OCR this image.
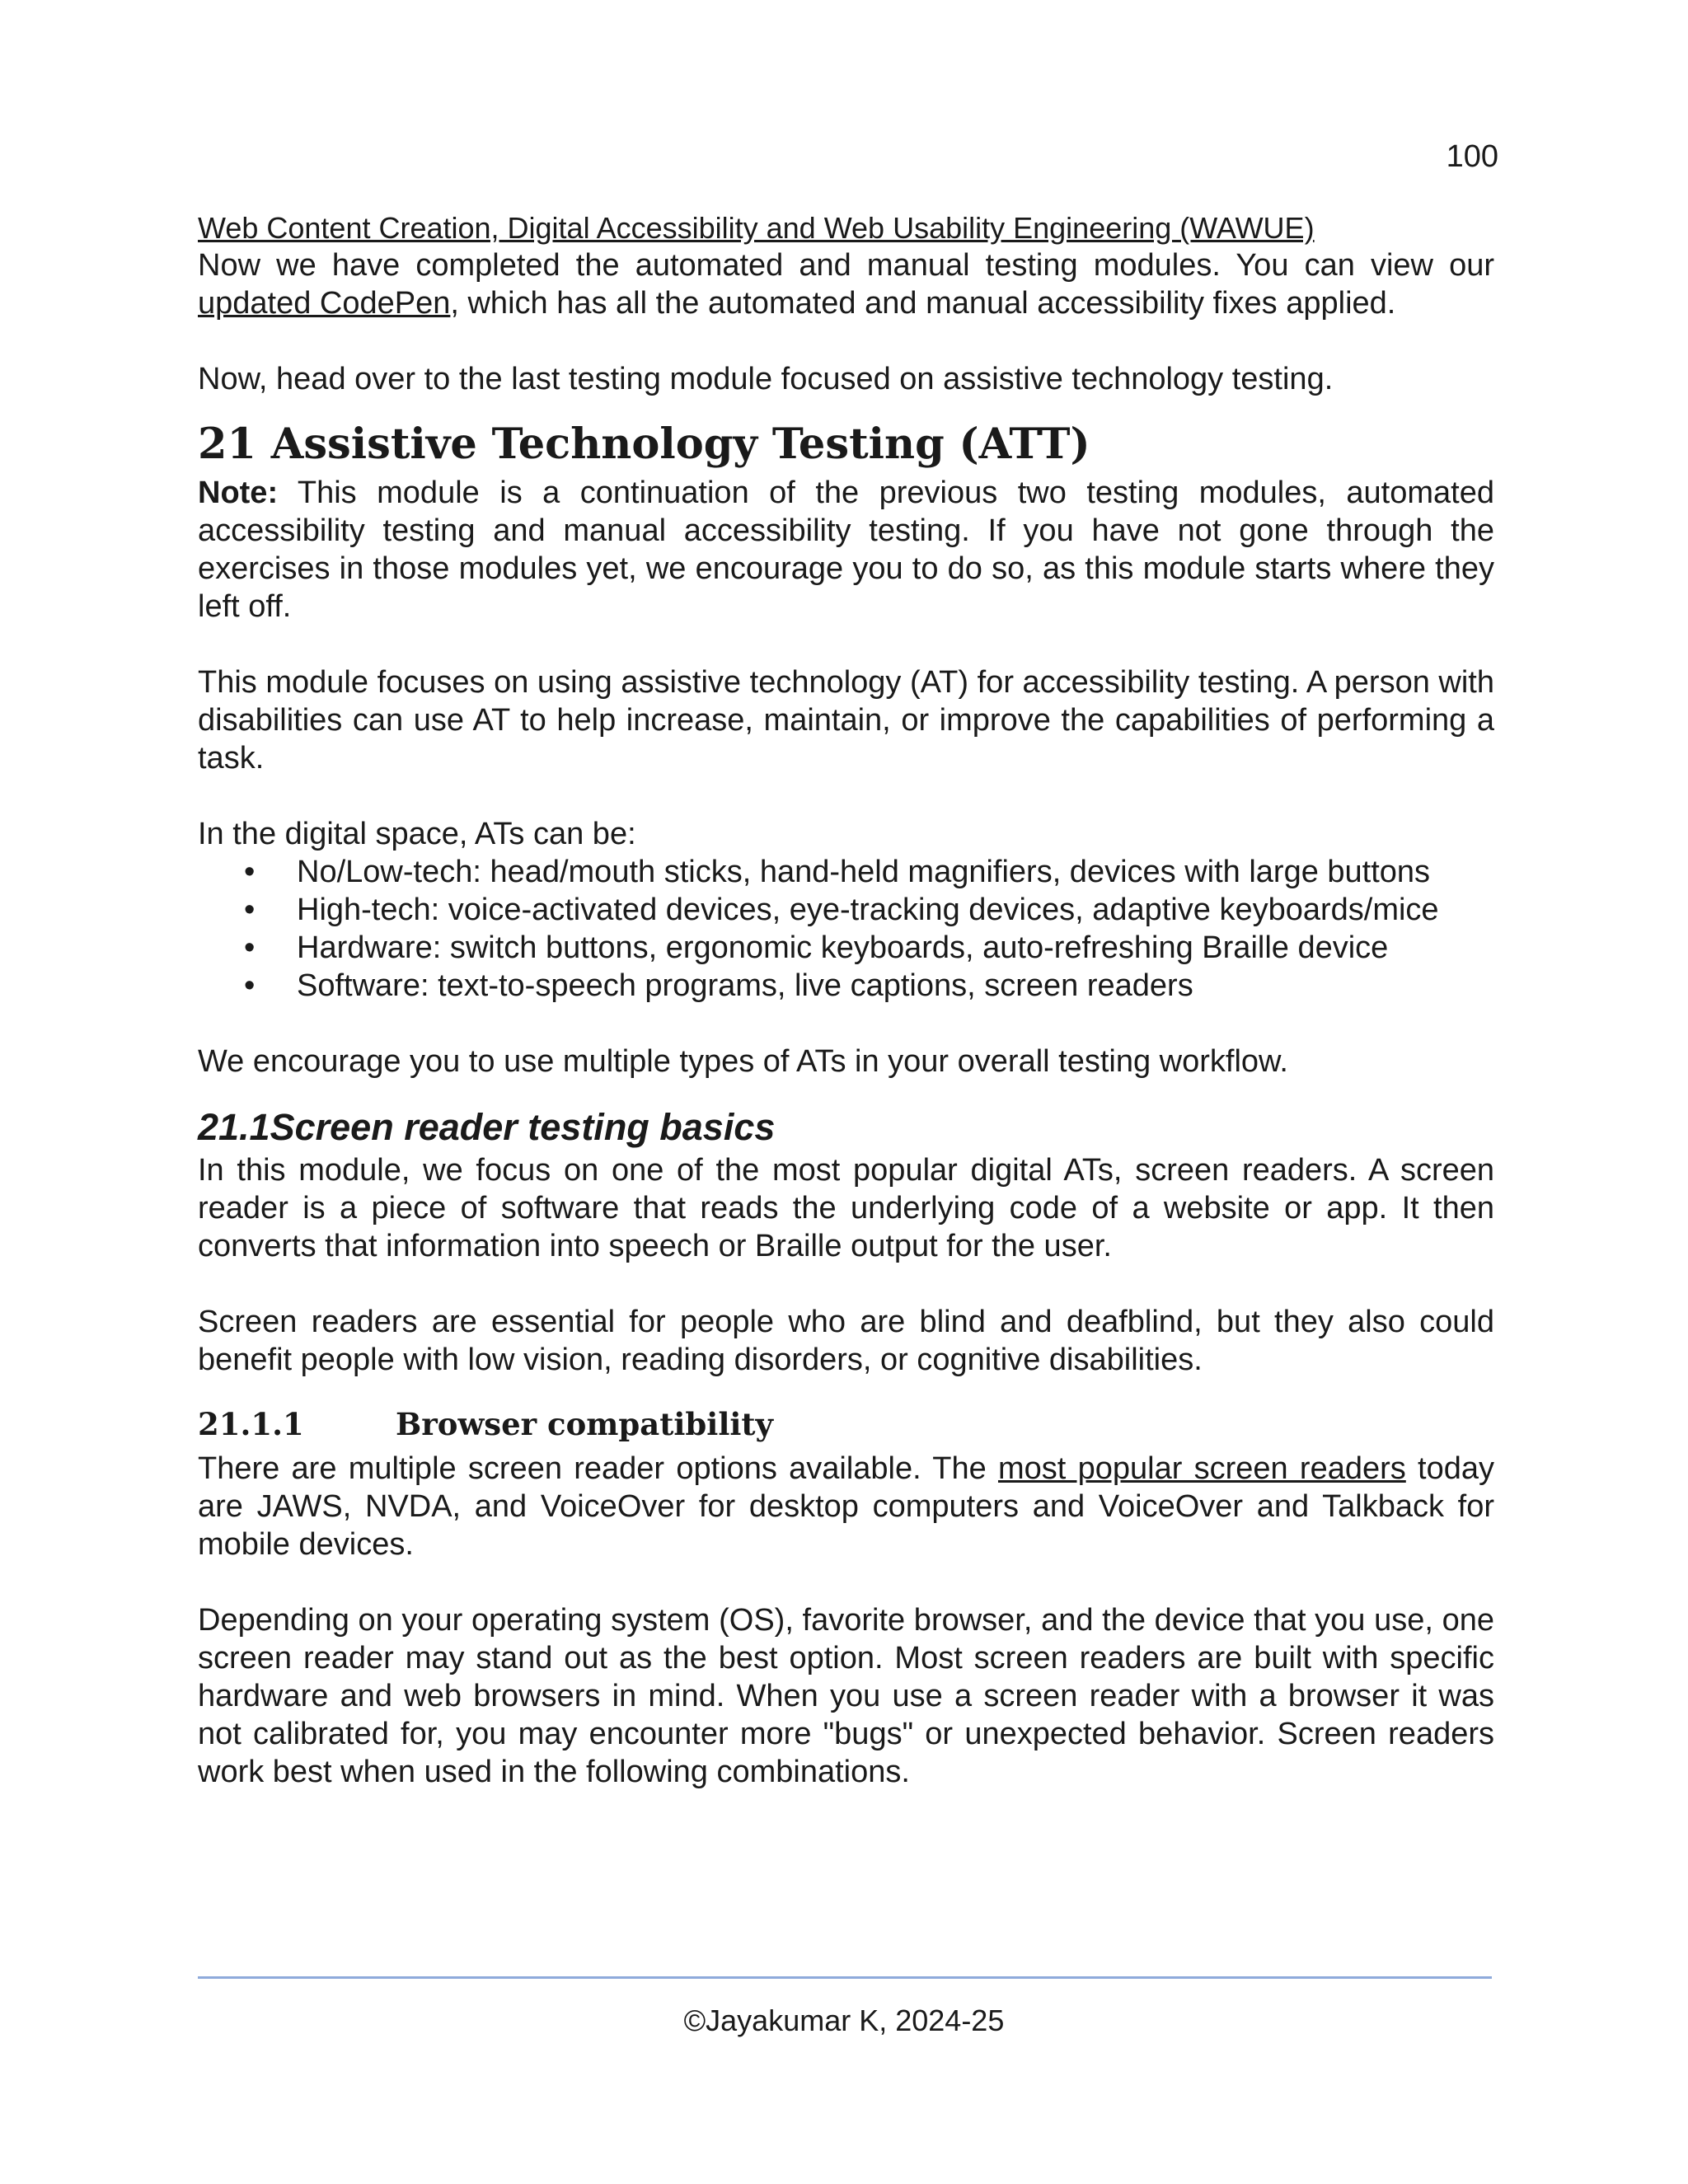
100

Web Content Creation, Digital Accessibility and Web Usability Engineering (WAWUE)

Now we have completed the automated and manual testing modules. You can view our updated CodePen, which has all the automated and manual accessibility fixes applied.

Now, head over to the last testing module focused on assistive technology testing.

21 Assistive Technology Testing (ATT)

Note: This module is a continuation of the previous two testing modules, automated accessibility testing and manual accessibility testing. If you have not gone through the exercises in those modules yet, we encourage you to do so, as this module starts where they left off.

This module focuses on using assistive technology (AT) for accessibility testing. A person with disabilities can use AT to help increase, maintain, or improve the capabilities of performing a task.

In the digital space, ATs can be:

• No/Low-tech: head/mouth sticks, hand-held magnifiers, devices with large buttons
• High-tech: voice-activated devices, eye-tracking devices, adaptive keyboards/mice
• Hardware: switch buttons, ergonomic keyboards, auto-refreshing Braille device
• Software: text-to-speech programs, live captions, screen readers

We encourage you to use multiple types of ATs in your overall testing workflow.

21.1Screen reader testing basics

In this module, we focus on one of the most popular digital ATs, screen readers. A screen reader is a piece of software that reads the underlying code of a website or app. It then converts that information into speech or Braille output for the user.

Screen readers are essential for people who are blind and deafblind, but they also could benefit people with low vision, reading disorders, or cognitive disabilities.

21.1.1	Browser compatibility

There are multiple screen reader options available. The most popular screen readers today are JAWS, NVDA, and VoiceOver for desktop computers and VoiceOver and Talkback for mobile devices.

Depending on your operating system (OS), favorite browser, and the device that you use, one screen reader may stand out as the best option. Most screen readers are built with specific hardware and web browsers in mind. When you use a screen reader with a browser it was not calibrated for, you may encounter more "bugs" or unexpected behavior. Screen readers work best when used in the following combinations.

©Jayakumar K, 2024-25
